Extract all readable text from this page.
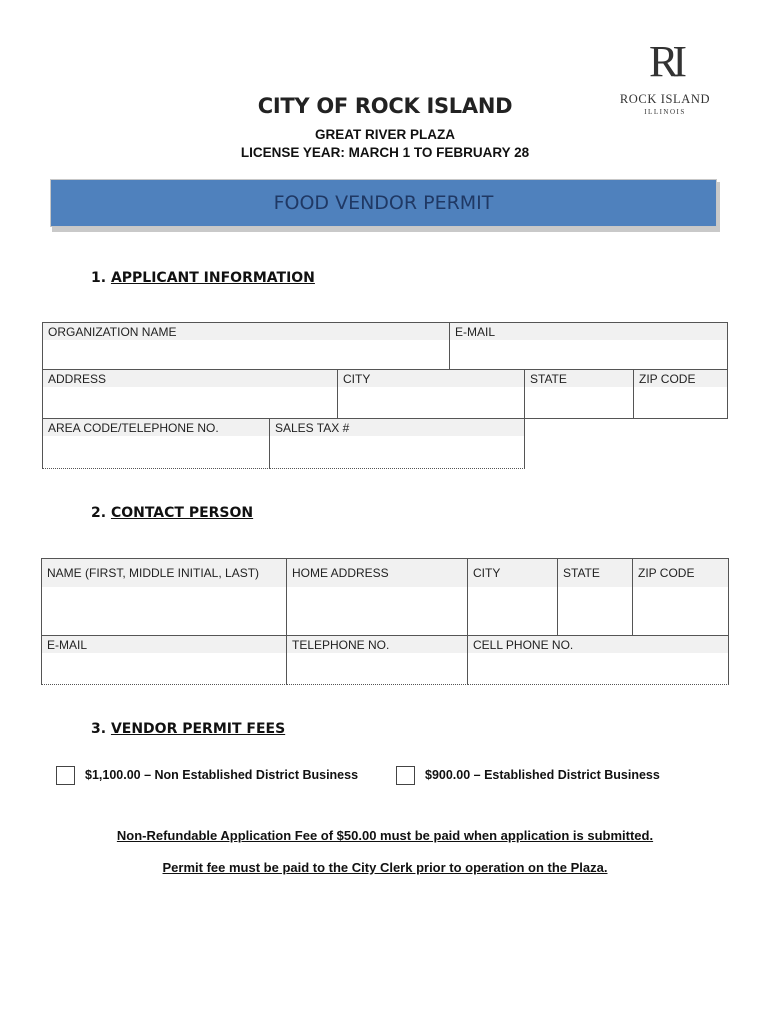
CITY OF ROCK ISLAND
GREAT RIVER PLAZA
LICENSE YEAR: MARCH 1 TO FEBRUARY 28
RI
ROCK ISLAND
ILLINOIS
FOOD VENDOR PERMIT
1. APPLICANT INFORMATION
ORGANIZATION NAME	E-MAIL
ADDRESS	CITY	STATE	ZIP CODE
AREA CODE/TELEPHONE NO.	SALES TAX #
2. CONTACT PERSON
NAME (FIRST, MIDDLE INITIAL, LAST)	HOME ADDRESS	CITY	STATE	ZIP CODE
E-MAIL	TELEPHONE NO.	CELL PHONE NO.
3. VENDOR PERMIT FEES
$1,100.00 – Non Established District Business	$900.00 – Established District Business
Non-Refundable Application Fee of $50.00 must be paid when application is submitted.
Permit fee must be paid to the City Clerk prior to operation on the Plaza.
